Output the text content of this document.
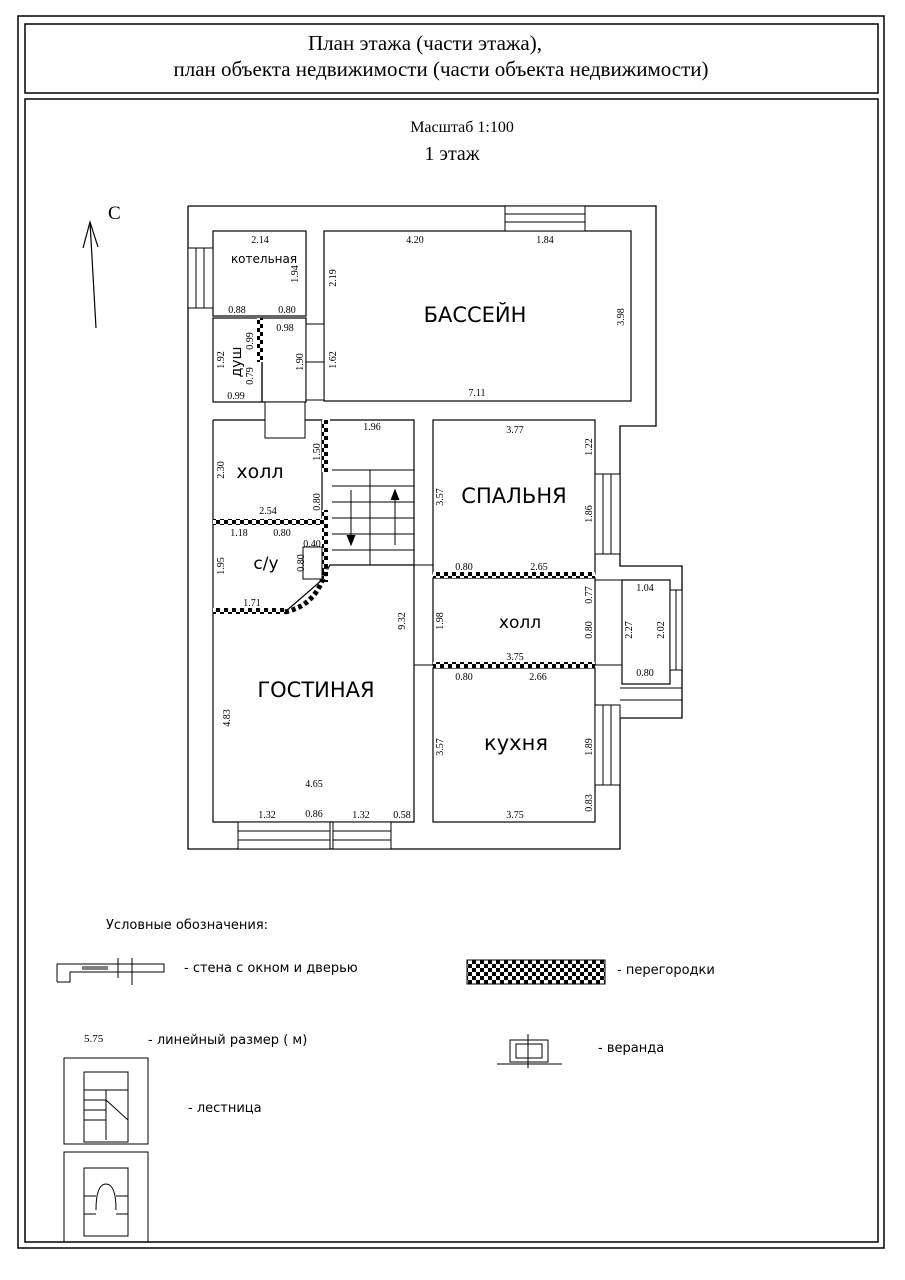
План этажа (части этажа),
план объекта недвижимости (части объекта недвижимости)
Масштаб 1:100
1 этаж
С
котельная
БАССЕЙН
душ
холл
с/у
СПАЛЬНЯ
холл
ГОСТИНАЯ
кухня
2.14
1.94
0.88	0.80
0.98
4.20	1.84
2.19
3.98
7.11
1.62
1.92
0.99
0.79
0.99
1.90
2.30
2.54
1.50
0.80
1.96
1.18	0.80
0.40
1.95	0.80
1.71
3.77
3.57
1.22
1.86
0.80	2.65
1.98
0.80
0.77
3.75
1.04
2.27 2.02
0.80
0.80	2.66
3.57	1.89
0.83
3.75
9.32
4.83
4.65
1.32	0.86	1.32 0.58
Условные обозначения:
- стена с окном и дверью	- перегородки
5.75	- линейный размер ( м)
- веранда
- лестница
